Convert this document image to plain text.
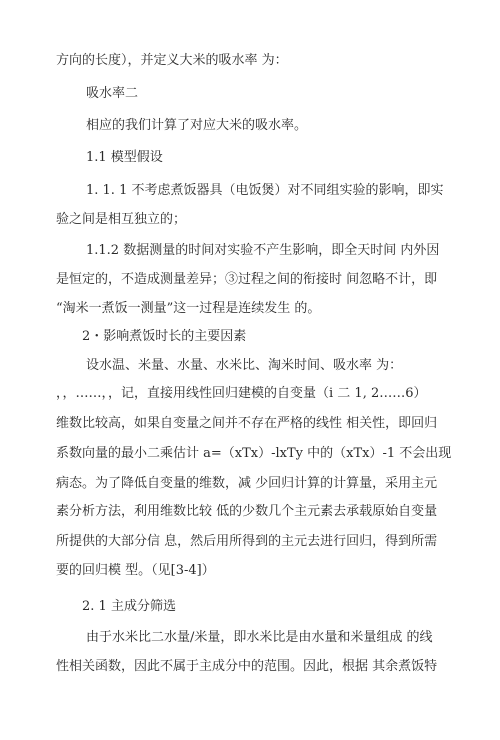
方向的长度），并定义大米的吸水率 为：
吸水率二
相应的我们计算了对应大米的吸水率。
1.1 模型假设
1. 1. 1 不考虑煮饭器具（电饭煲）对不同组实验的影响，即实
验之间是相互独立的；
1.1.2 数据测量的时间对实验不产生影响，即全天时间 内外因
是恒定的，不造成测量差异；③过程之间的衔接时 间忽略不计，即
“淘米一煮饭一测量”这一过程是连续发生 的。
2・影响煮饭时长的主要因素
设水温、米量、水量、水米比、淘米时间、吸水率 为：
，，……，，记，直接用线性回归建模的自变量（i 二 1, 2……6）
维数比较高，如果自变量之间并不存在严格的线性 相关性，即回归
系数向量的最小二乘估计 a=（xTx）-lxTy 中的（xTx）-1 不会出现
病态。为了降低自变量的维数，减 少回归计算的计算量，采用主元
素分析方法，利用维数比较 低的少数几个主元素去承载原始自变量
所提供的大部分信 息，然后用所得到的主元去进行回归，得到所需
要的回归模 型。（见[3-4]）
2. 1 主成分筛选
由于水米比二水量/米量，即水米比是由水量和米量组成 的线
性相关函数，因此不属于主成分中的范围。因此，根据 其余煮饭特
